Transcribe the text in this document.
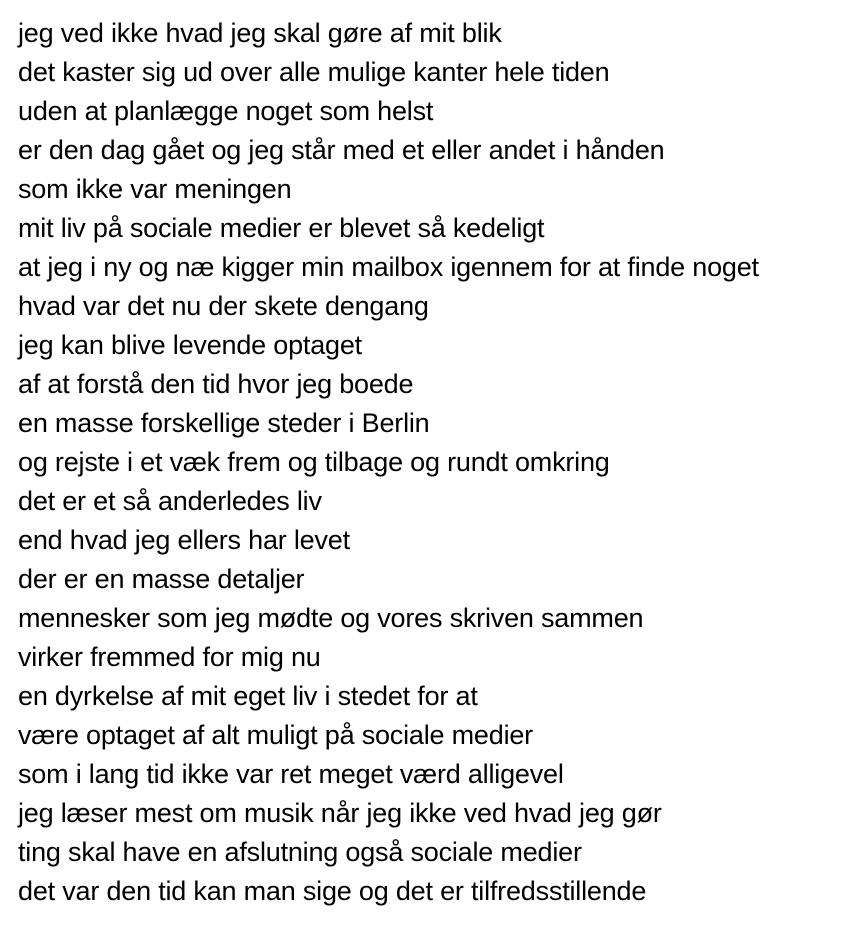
jeg ved ikke hvad jeg skal gøre af mit blik
det kaster sig ud over alle mulige kanter hele tiden
uden at planlægge noget som helst
er den dag gået og jeg står med et eller andet i hånden
som ikke var meningen
mit liv på sociale medier er blevet så kedeligt
at jeg i ny og næ kigger min mailbox igennem for at finde noget
hvad var det nu der skete dengang
jeg kan blive levende optaget
af at forstå den tid hvor jeg boede
en masse forskellige steder i Berlin
og rejste i et væk frem og tilbage og rundt omkring
det er et så anderledes liv
end hvad jeg ellers har levet
der er en masse detaljer
mennesker som jeg mødte og vores skriven sammen
virker fremmed for mig nu
en dyrkelse af mit eget liv i stedet for at
være optaget af alt muligt på sociale medier
som i lang tid ikke var ret meget værd alligevel
jeg læser mest om musik når jeg ikke ved hvad jeg gør
ting skal have en afslutning også sociale medier
det var den tid kan man sige og det er tilfredsstillende
